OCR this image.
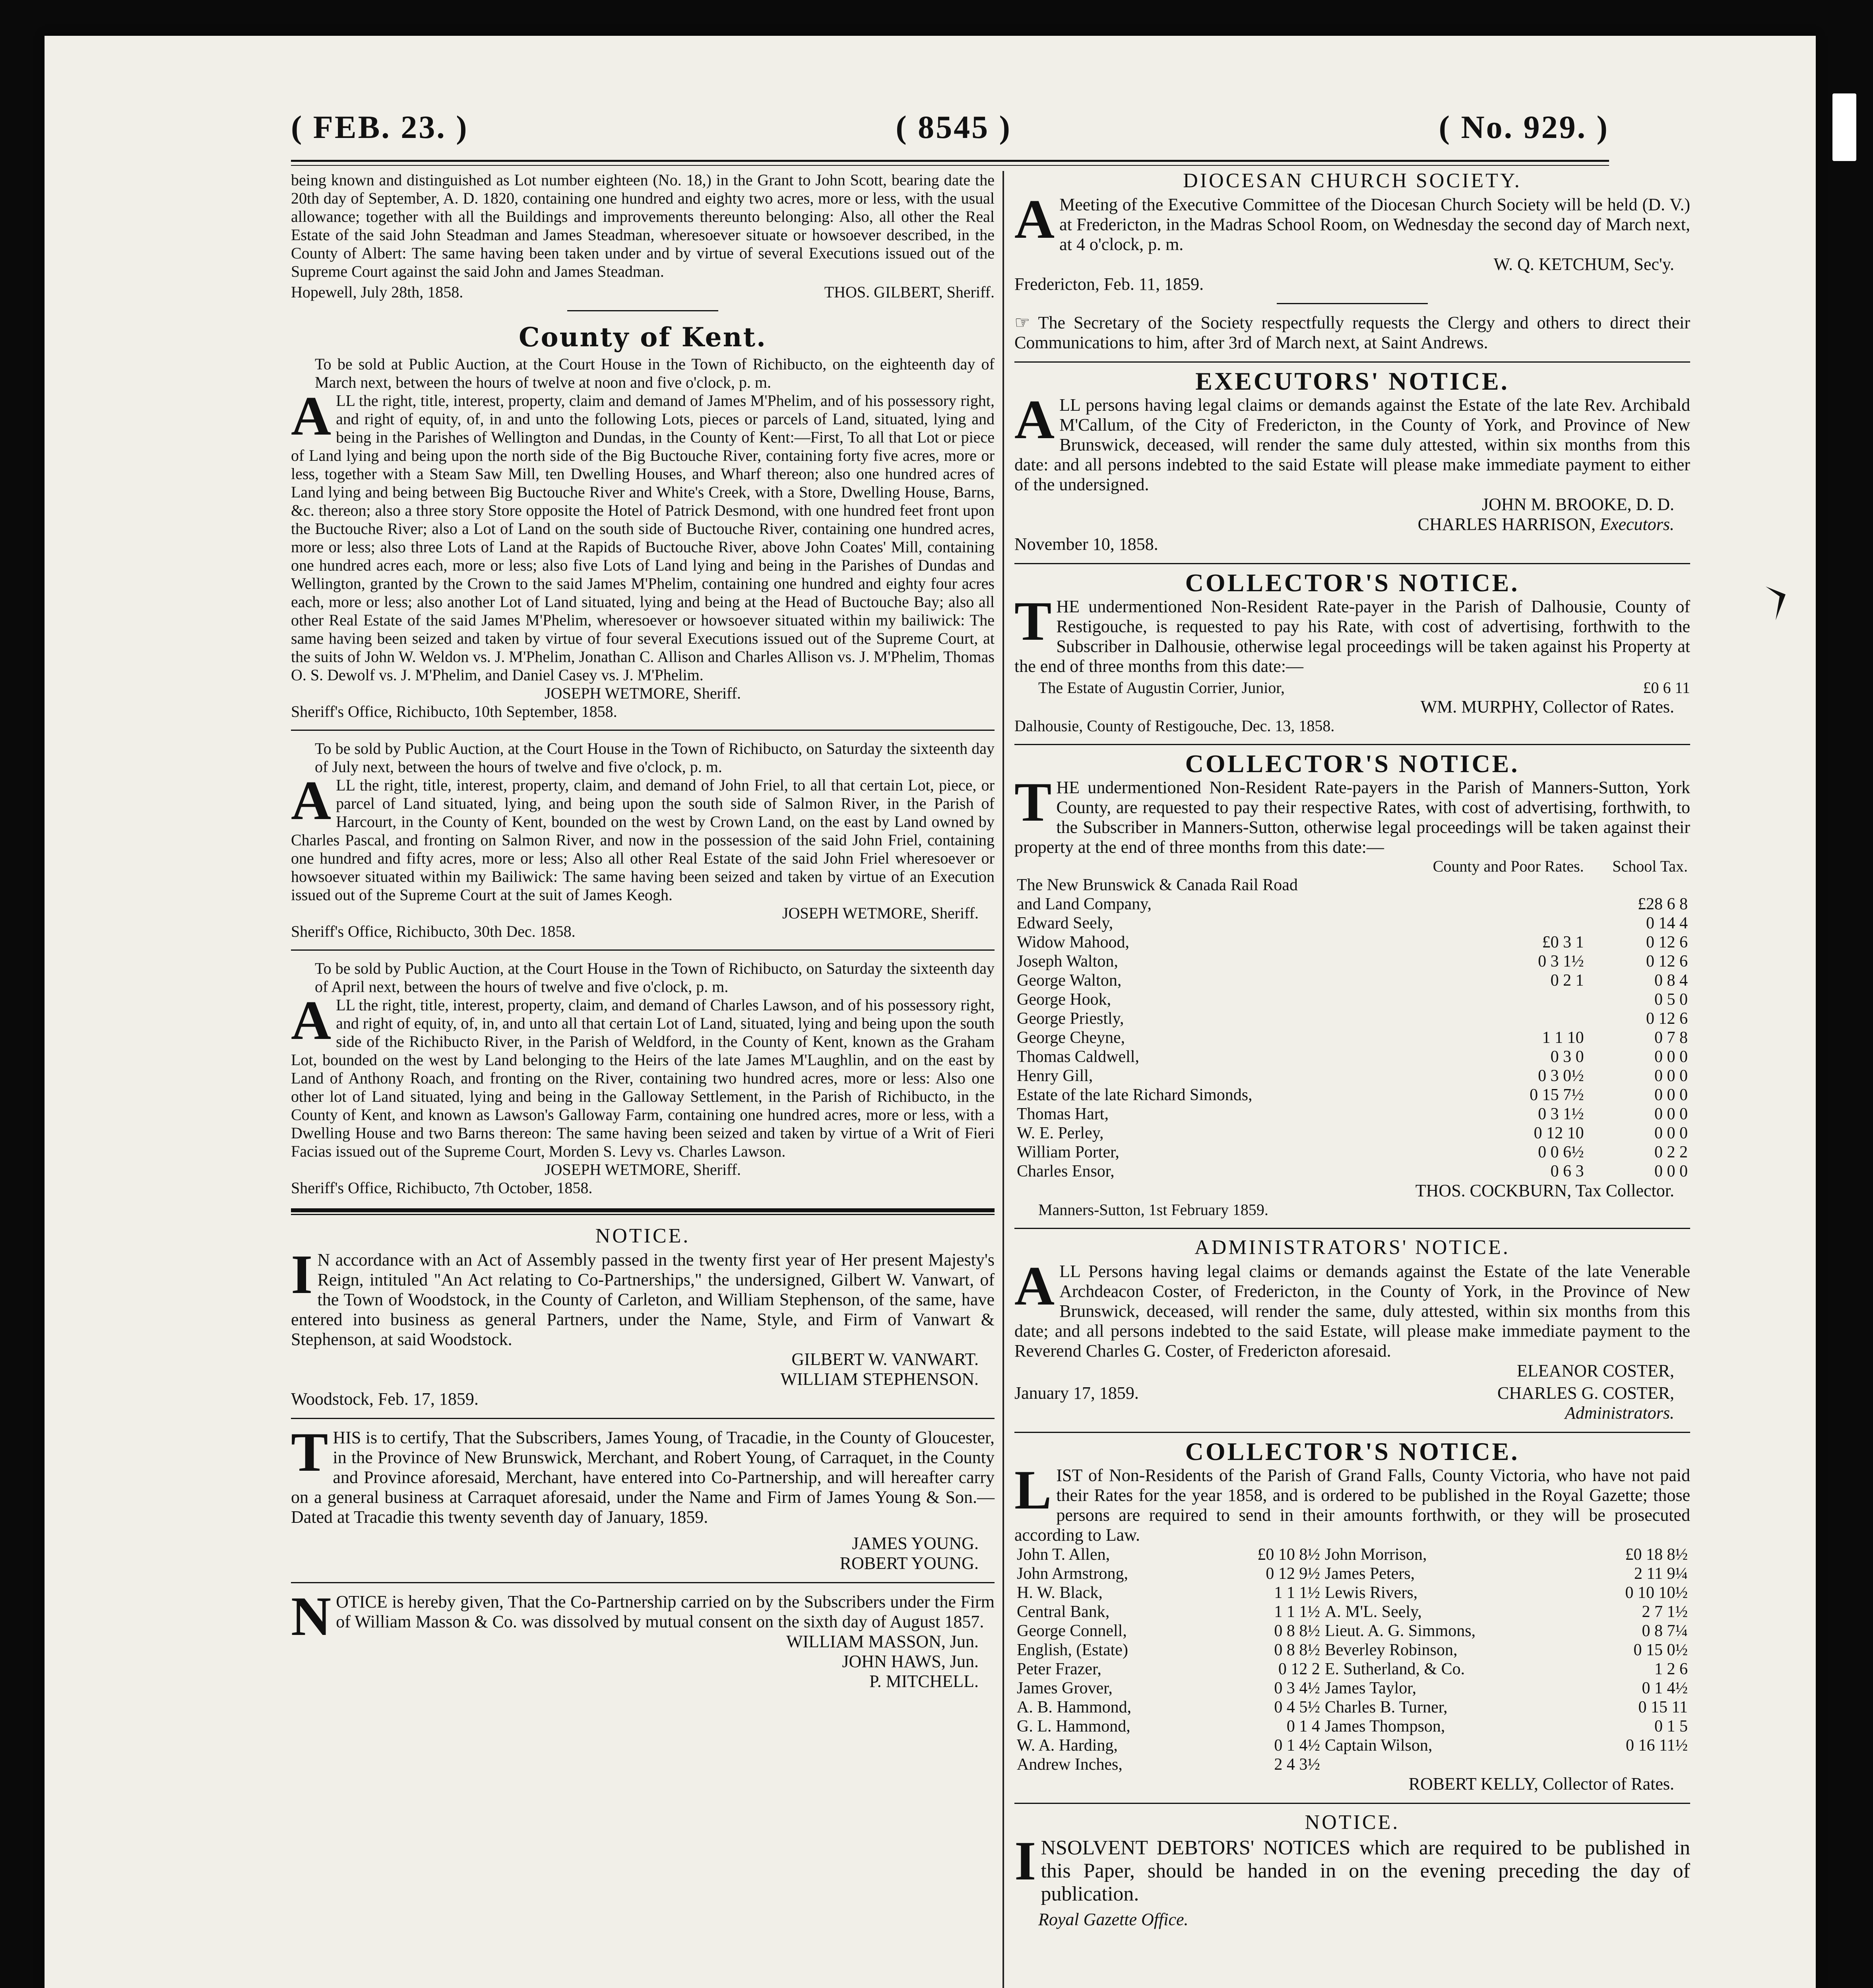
( FEB. 23. )	( 8545 )	( No. 929. )

being known and distinguished as Lot number eighteen (No. 18,) in the Grant to John Scott, bearing date the 20th day of September, A. D. 1820, containing one hundred and eighty two acres, more or less, with the usual allowance; together with all the Buildings and improvements thereunto belonging: Also, all other the Real Estate of the said John Steadman and James Steadman, wheresoever situate or howsoever described, in the County of Albert: The same having been taken under and by virtue of several Executions issued out of the Supreme Court against the said John and James Steadman.

Hopewell, July 28th, 1858.	THOS. GILBERT, Sheriff.
County of Kent.

To be sold at Public Auction, at the Court House in the Town of Richibucto, on the eighteenth day of March next, between the hours of twelve at noon and five o'clock, p. m.

ALL the right, title, interest, property, claim and demand of James M'Phelim, and of his possessory right, and right of equity, of, in and unto the following Lots, pieces or parcels of Land, situated, lying and being in the Parishes of Wellington and Dundas, in the County of Kent:—First, To all that Lot or piece of Land lying and being upon the north side of the Big Buctouche River, containing forty five acres, more or less, together with a Steam Saw Mill, ten Dwelling Houses, and Wharf thereon; also one hundred acres of Land lying and being between Big Buctouche River and White's Creek, with a Store, Dwelling House, Barns, &c. thereon; also a three story Store opposite the Hotel of Patrick Desmond, with one hundred feet front upon the Buctouche River; also a Lot of Land on the south side of Buctouche River, containing one hundred acres, more or less; also three Lots of Land at the Rapids of Buctouche River, above John Coates' Mill, containing one hundred acres each, more or less; also five Lots of Land lying and being in the Parishes of Dundas and Wellington, granted by the Crown to the said James M'Phelim, containing one hundred and eighty four acres each, more or less; also another Lot of Land situated, lying and being at the Head of Buctouche Bay; also all other Real Estate of the said James M'Phelim, wheresoever or howsoever situated within my bailiwick: The same having been seized and taken by virtue of four several Executions issued out of the Supreme Court, at the suits of John W. Weldon vs. J. M'Phelim, Jonathan C. Allison and Charles Allison vs. J. M'Phelim, Thomas O. S. Dewolf vs. J. M'Phelim, and Daniel Casey vs. J. M'Phelim.

JOSEPH WETMORE, Sheriff.

Sheriff's Office, Richibucto, 10th September, 1858.

To be sold by Public Auction, at the Court House in the Town of Richibucto, on Saturday the sixteenth day of July next, between the hours of twelve and five o'clock, p. m.

ALL the right, title, interest, property, claim, and demand of John Friel, to all that certain Lot, piece, or parcel of Land situated, lying, and being upon the south side of Salmon River, in the Parish of Harcourt, in the County of Kent, bounded on the west by Crown Land, on the east by Land owned by Charles Pascal, and fronting on Salmon River, and now in the possession of the said John Friel, containing one hundred and fifty acres, more or less; Also all other Real Estate of the said John Friel wheresoever or howsoever situated within my Bailiwick: The same having been seized and taken by virtue of an Execution issued out of the Supreme Court at the suit of James Keogh.

JOSEPH WETMORE, Sheriff.

Sheriff's Office, Richibucto, 30th Dec. 1858.

To be sold by Public Auction, at the Court House in the Town of Richibucto, on Saturday the sixteenth day of April next, between the hours of twelve and five o'clock, p. m.

ALL the right, title, interest, property, claim, and demand of Charles Lawson, and of his possessory right, and right of equity, of, in, and unto all that certain Lot of Land, situated, lying and being upon the south side of the Richibucto River, in the Parish of Weldford, in the County of Kent, known as the Graham Lot, bounded on the west by Land belonging to the Heirs of the late James M'Laughlin, and on the east by Land of Anthony Roach, and fronting on the River, containing two hundred acres, more or less: Also one other lot of Land situated, lying and being in the Galloway Settlement, in the Parish of Richibucto, in the County of Kent, and known as Lawson's Galloway Farm, containing one hundred acres, more or less, with a Dwelling House and two Barns thereon: The same having been seized and taken by virtue of a Writ of Fieri Facias issued out of the Supreme Court, Morden S. Levy vs. Charles Lawson.

JOSEPH WETMORE, Sheriff.

Sheriff's Office, Richibucto, 7th October, 1858.

NOTICE.

I N accordance with an Act of Assembly passed in the twenty first year of Her present Majesty's Reign, intituled "An Act relating to Co-Partnerships," the undersigned, Gilbert W. Vanwart, of the Town of Woodstock, in the County of Carleton, and William Stephenson, of the same, have entered into business as general Partners, under the Name, Style, and Firm of Vanwart & Stephenson, at said Woodstock.

GILBERT W. VANWART.

WILLIAM STEPHENSON.

Woodstock, Feb. 17, 1859.

THIS is to certify, That the Subscribers, James Young, of Tracadie, in the County of Gloucester, in the Province of New Brunswick, Merchant, and Robert Young, of Carraquet, in the County and Province aforesaid, Merchant, have entered into Co-Partnership, and will hereafter carry on a general business at Carraquet aforesaid, under the Name and Firm of James Young & Son.—Dated at Tracadie this twenty seventh day of January, 1859.

JAMES YOUNG.

ROBERT YOUNG.

NOTICE is hereby given, That the Co-Partnership carried on by the Subscribers under the Firm of William Masson & Co. was dissolved by mutual consent on the sixth day of August 1857.

WILLIAM MASSON, Jun.

JOHN HAWS, Jun.

P. MITCHELL.

DIOCESAN CHURCH SOCIETY.

A Meeting of the Executive Committee of the Diocesan Church Society will be held (D. V.) at Fredericton, in the Madras School Room, on Wednesday the second day of March next, at 4 o'clock, p. m.

W. Q. KETCHUM, Sec'y.

Fredericton, Feb. 11, 1859.

☞ The Secretary of the Society respectfully requests the Clergy and others to direct their Communications to him, after 3rd of March next, at Saint Andrews.

EXECUTORS' NOTICE.

ALL persons having legal claims or demands against the Estate of the late Rev. Archibald M'Callum, of the City of Fredericton, in the County of York, and Province of New Brunswick, deceased, will render the same duly attested, within six months from this date: and all persons indebted to the said Estate will please make immediate payment to either of the undersigned.

JOHN M. BROOKE, D. D.

CHARLES HARRISON, Executors.

November 10, 1858.

COLLECTOR'S NOTICE.

THE undermentioned Non-Resident Rate-payer in the Parish of Dalhousie, County of Restigouche, is requested to pay his Rate, with cost of advertising, forthwith to the Subscriber in Dalhousie, otherwise legal proceedings will be taken against his Property at the end of three months from this date:—

The Estate of Augustin Corrier, Junior,	£0 6 11

WM. MURPHY, Collector of Rates.

Dalhousie, County of Restigouche, Dec. 13, 1858.

COLLECTOR'S NOTICE.

THE undermentioned Non-Resident Rate-payers in the Parish of Manners-Sutton, York County, are requested to pay their respective Rates, with cost of advertising, forthwith, to the Subscriber in Manners-Sutton, otherwise legal proceedings will be taken against their property at the end of three months from this date:—

	County and Poor Rates.	School Tax.
The New Brunswick & Canada Rail Road		
and Land Company,		£28 6 8
Edward Seely,		0 14 4
Widow Mahood,	£0 3 1	0 12 6
Joseph Walton,	0 3 1½	0 12 6
George Walton,	0 2 1	0 8 4
George Hook,		0 5 0
George Priestly,		0 12 6
George Cheyne,	1 1 10	0 7 8
Thomas Caldwell,	0 3 0	0 0 0
Henry Gill,	0 3 0½	0 0 0
Estate of the late Richard Simonds,	0 15 7½	0 0 0
Thomas Hart,	0 3 1½	0 0 0
W. E. Perley,	0 12 10	0 0 0
William Porter,	0 0 6½	0 2 2
Charles Ensor,	0 6 3	0 0 0

THOS. COCKBURN, Tax Collector.

Manners-Sutton, 1st February 1859.

ADMINISTRATORS' NOTICE.

ALL Persons having legal claims or demands against the Estate of the late Venerable Archdeacon Coster, of Fredericton, in the County of York, in the Province of New Brunswick, deceased, will render the same, duly attested, within six months from this date; and all persons indebted to the said Estate, will please make immediate payment to the Reverend Charles G. Coster, of Fredericton aforesaid.

ELEANOR COSTER,

January 17, 1859.	CHARLES G. COSTER,

Administrators.

COLLECTOR'S NOTICE.

LIST of Non-Residents of the Parish of Grand Falls, County Victoria, who have not paid their Rates for the year 1858, and is ordered to be published in the Royal Gazette; those persons are required to send in their amounts forthwith, or they will be prosecuted according to Law.

John T. Allen,	£0 10 8½	John Morrison,	£0 18 8½
John Armstrong,	0 12 9½	James Peters,	2 11 9¼
H. W. Black,	1 1 1½	Lewis Rivers,	0 10 10½
Central Bank,	1 1 1½	A. M'L. Seely,	2 7 1½
George Connell,	0 8 8½	Lieut. A. G. Simmons,	0 8 7¼
English, (Estate)	0 8 8½	Beverley Robinson,	0 15 0½
Peter Frazer,	0 12 2	E. Sutherland, & Co.	1 2 6
James Grover,	0 3 4½	James Taylor,	0 1 4½
A. B. Hammond,	0 4 5½	Charles B. Turner,	0 15 11
G. L. Hammond,	0 1 4	James Thompson,	0 1 5
W. A. Harding,	0 1 4½	Captain Wilson,	0 16 11½
Andrew Inches,	2 4 3½		

ROBERT KELLY, Collector of Rates.

NOTICE.

INSOLVENT DEBTORS' NOTICES which are required to be published in this Paper, should be handed in on the evening preceding the day of publication.

Royal Gazette Office.
